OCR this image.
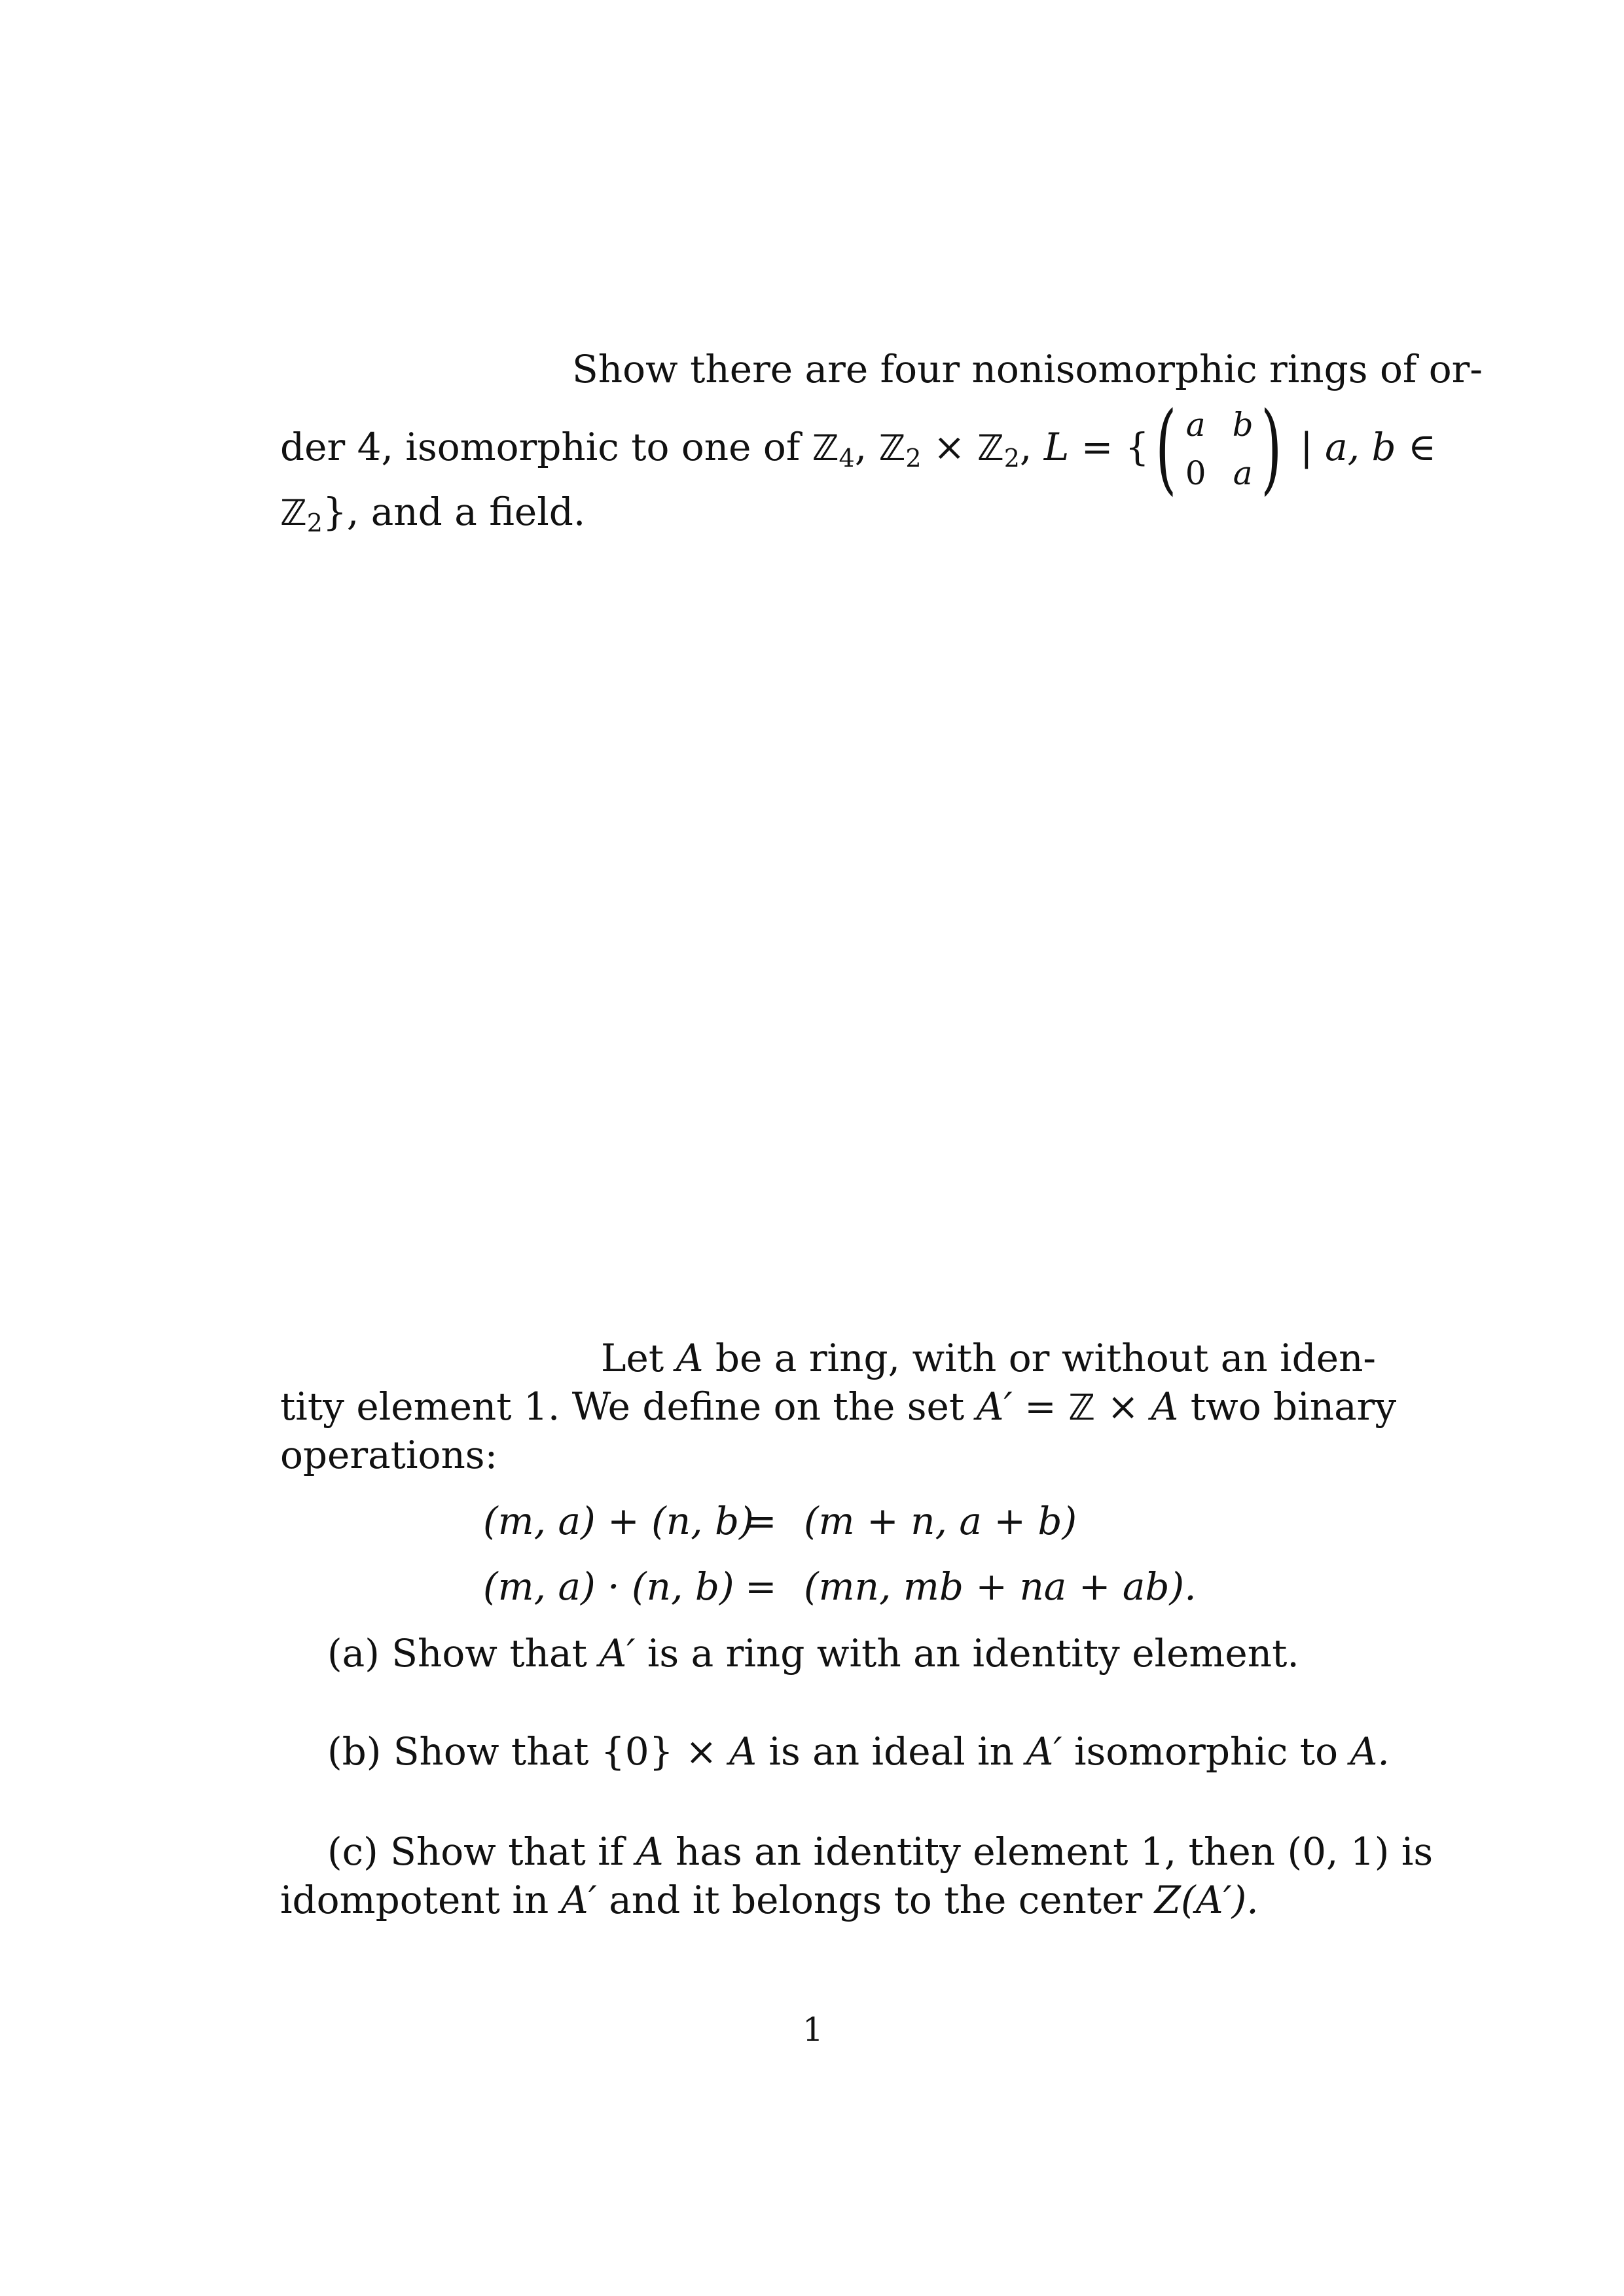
Show there are four nonisomorphic rings of or-
der 4, isomorphic to one of ℤ$_4$, ℤ$_2$ × ℤ$_2$, L = { ( a b
0 a ) | a, b ∈
ℤ$_2$}, and a field.
Let A be a ring, with or without an iden-
tity element 1. We define on the set A′ = ℤ × A two binary
operations:
(m, a) + (n, b)
= (m + n, a + b)
(m, a) · (n, b) = (mn, mb + na + ab).
(a) Show that A′ is a ring with an identity element.
(b) Show that {0} × A is an ideal in A′ isomorphic to A.
(c) Show that if A has an identity element 1, then (0, 1) is
idompotent in A′ and it belongs to the center Z(A′).
1
